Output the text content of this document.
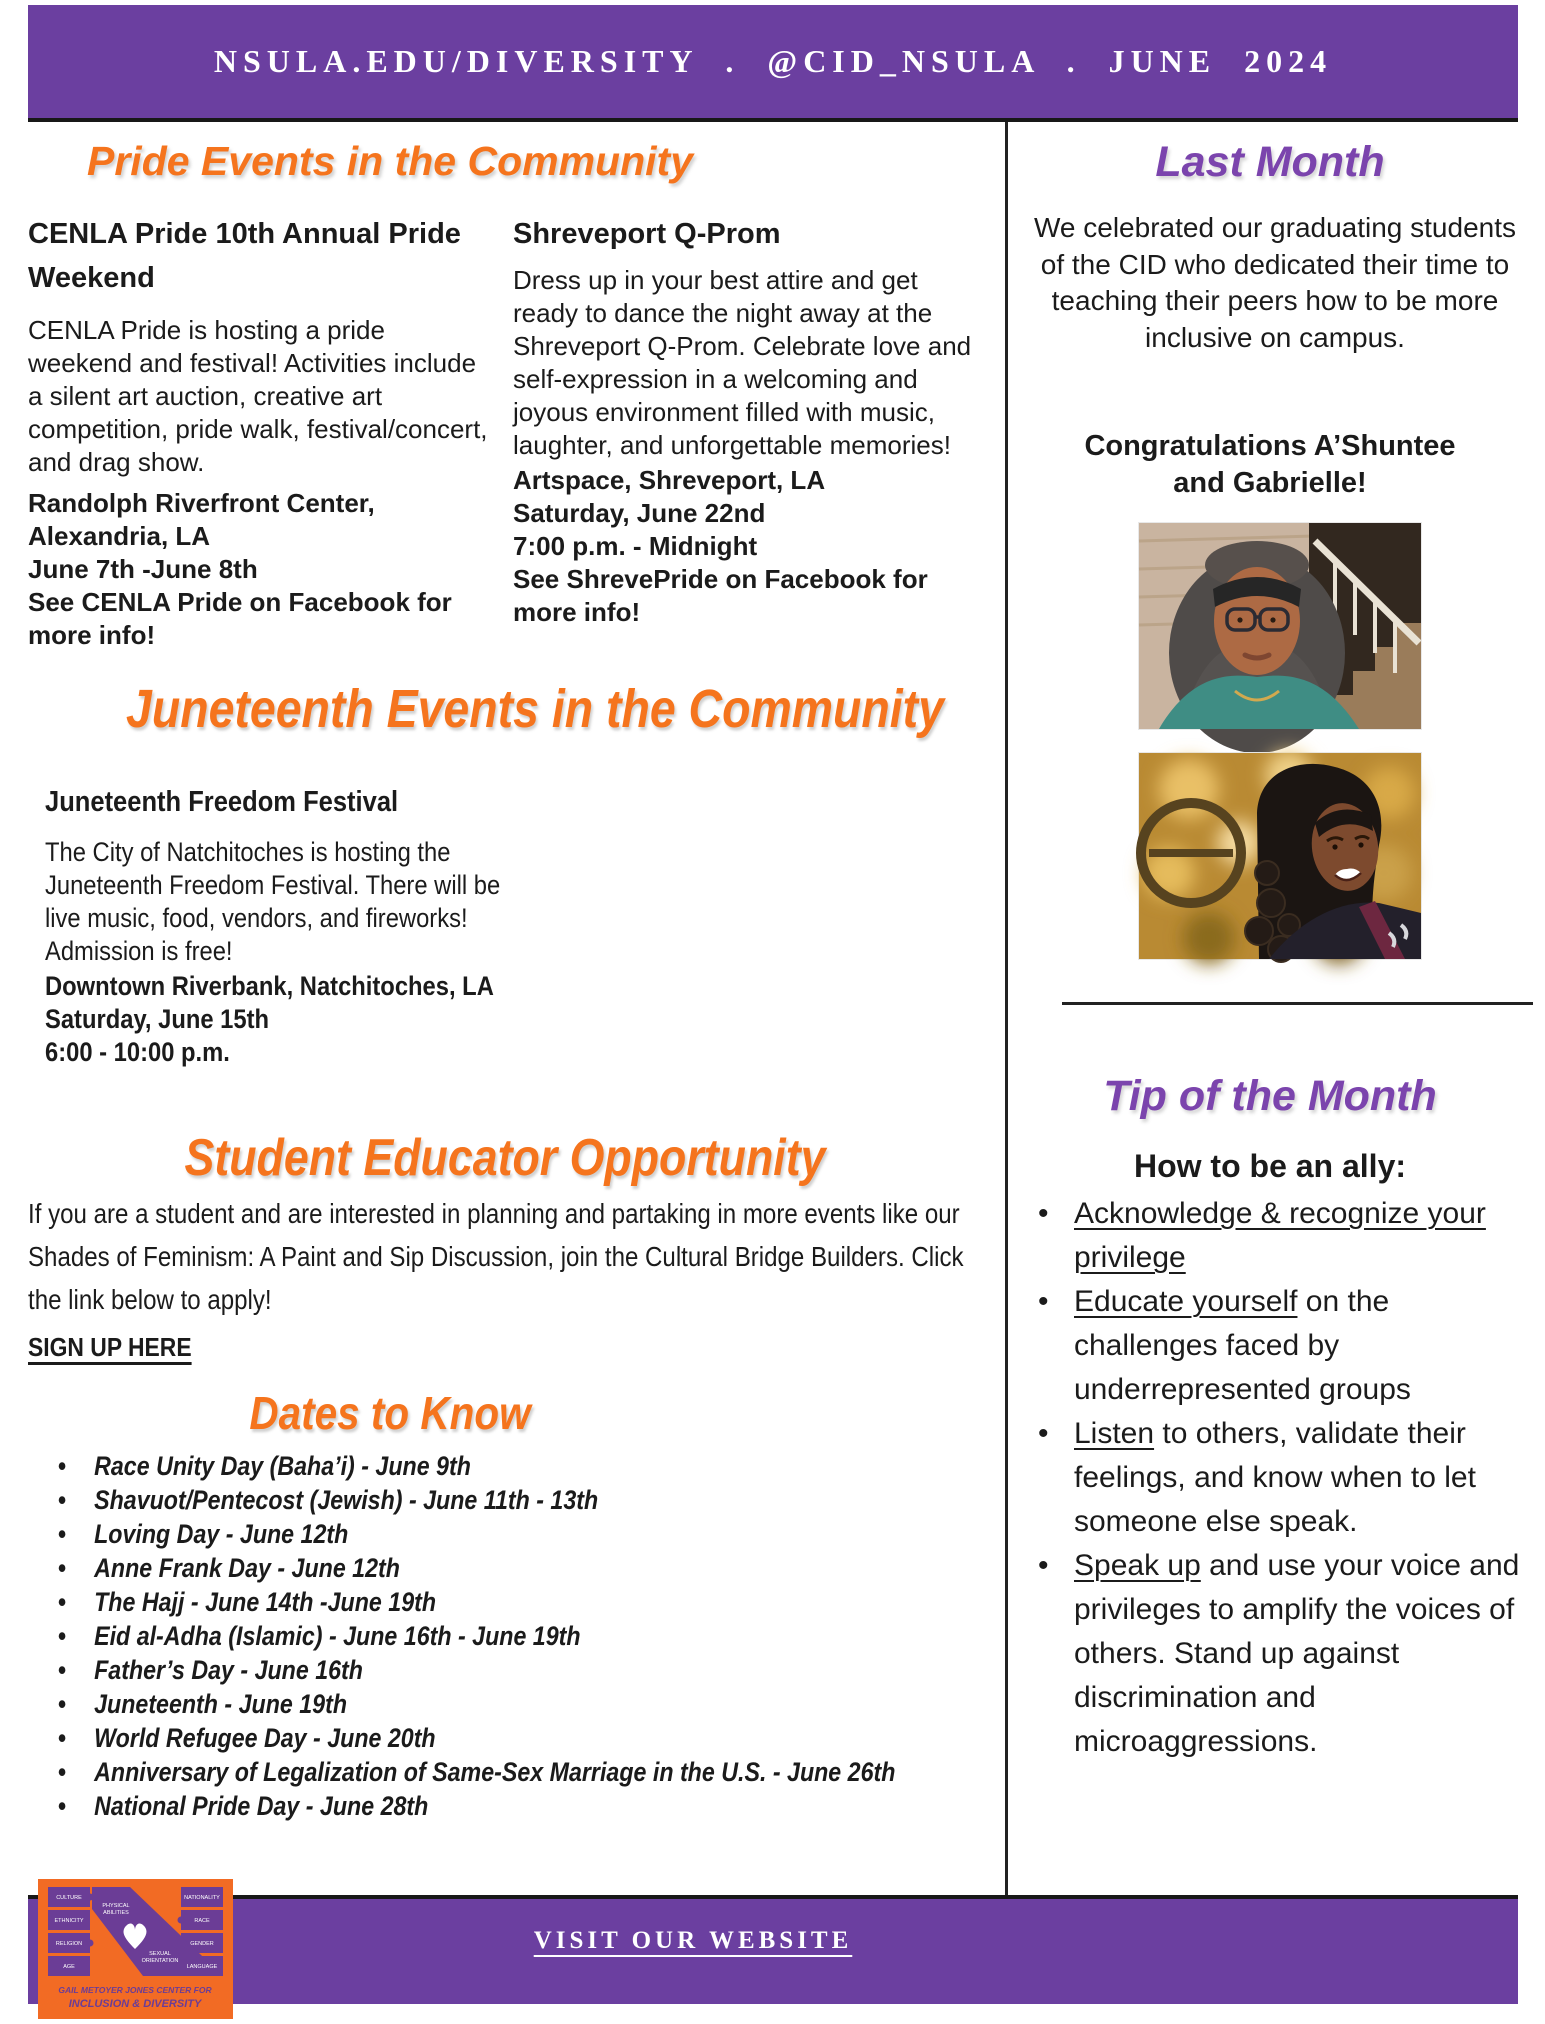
NSULA.EDU/DIVERSITY . @CID_NSULA . JUNE 2024
Pride Events in the Community
CENLA Pride 10th Annual Pride Weekend
CENLA Pride is hosting a pride weekend and festival! Activities include a silent art auction, creative art competition, pride walk, festival/concert, and drag show.
Randolph Riverfront Center, Alexandria, LA
June 7th -June 8th
See CENLA Pride on Facebook for more info!
Shreveport Q-Prom
Dress up in your best attire and get ready to dance the night away at the Shreveport Q-Prom. Celebrate love and self-expression in a welcoming and joyous environment filled with music, laughter, and unforgettable memories!
Artspace, Shreveport, LA
Saturday, June 22nd
7:00 p.m. - Midnight
See ShrevePride on Facebook for more info!
Juneteenth Events in the Community
Juneteenth Freedom Festival
The City of Natchitoches is hosting the Juneteenth Freedom Festival. There will be live music, food, vendors, and fireworks! Admission is free!
Downtown Riverbank, Natchitoches, LA
Saturday, June 15th
6:00 - 10:00 p.m.
Student Educator Opportunity
If you are a student and are interested in planning and partaking in more events like our Shades of Feminism: A Paint and Sip Discussion, join the Cultural Bridge Builders. Click the link below to apply!
SIGN UP HERE
Dates to Know
• Race Unity Day (Baha’i) - June 9th
• Shavuot/Pentecost (Jewish) - June 11th - 13th
• Loving Day - June 12th
• Anne Frank Day - June 12th
• The Hajj - June 14th -June 19th
• Eid al-Adha (Islamic) - June 16th - June 19th
• Father’s Day - June 16th
• Juneteenth - June 19th
• World Refugee Day - June 20th
• Anniversary of Legalization of Same-Sex Marriage in the U.S. - June 26th
• National Pride Day - June 28th
Last Month
We celebrated our graduating students of the CID who dedicated their time to teaching their peers how to be more inclusive on campus.
Congratulations A’Shuntee and Gabrielle!
Tip of the Month
How to be an ally:
• Acknowledge & recognize your privilege
• Educate yourself on the challenges faced by underrepresented groups
• Listen to others, validate their feelings, and know when to let someone else speak.
• Speak up and use your voice and privileges to amplify the voices of others. Stand up against discrimination and microaggressions.
VISIT OUR WEBSITE
CULTURE
ETHNICITY
RELIGION
AGE
NATIONALITY
RACE
GENDER
LANGUAGE
PHYSICAL
ABILITIES
SEXUAL
ORIENTATION
GAIL METOYER JONES CENTER FOR
INCLUSION & DIVERSITY
